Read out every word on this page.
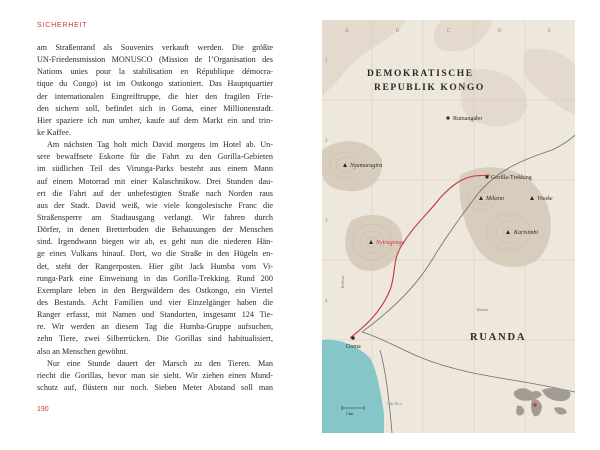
SICHERHEIT
am Straßenrand als Souvenirs verkauft werden. Die größte
UN-Friedensmission MONUSCO (Mission de l’Organisation des
Nations unies pour la stabilisation en République démocra-
tique du Congo) ist im Ostkongo stationiert. Das Hauptquartier
der internationalen Eingreiftruppe, die hier den fragilen Frie-
den sichern soll, befindet sich in Goma, einer Millionenstadt.
Hier spaziere ich nun umher, kaufe auf dem Markt ein und trin-
ke Kaffee.
Am nächsten Tag holt mich David morgens im Hotel ab. Un-
sere bewaffnete Eskorte für die Fahrt zu den Gorilla-Gebieten
im südlichen Teil des Virunga-Parks besteht aus einem Mann
auf einem Motorrad mit einer Kalaschnikow. Drei Stunden dau-
ert die Fahrt auf der unbefestigten Straße nach Norden raus
aus der Stadt. David weiß, wie viele kongolesische Franc die
Straßensperre am Stadtausgang verlangt. Wir fahren durch
Dörfer, in denen Bretterbuden die Behausungen der Menschen
sind. Irgendwann biegen wir ab, es geht nun die niederen Hän-
ge eines Vulkans hinauf. Dort, wo die Straße in den Hügeln en-
det, steht der Rangerposten. Hier gibt Jack Humba vom Vi-
runga-Park eine Einweisung in das Gorilla-Trekking. Rund 200
Exemplare leben in den Bergwäldern des Ostkongo, ein Viertel
des Bestands. Acht Familien und vier Einzelgänger haben die
Ranger erfasst, mit Namen und Standorten, insgesamt 124 Tie-
re. Wir werden an diesem Tag die Humba-Gruppe aufsuchen,
zehn Tiere, zwei Silberrücken. Die Gorillas sind habitualisiert,
also an Menschen gewöhnt.
Nur eine Stunde dauert der Marsch zu den Tieren. Man
riecht die Gorillas, bevor man sie sieht. Wir ziehen einen Mund-
schutz auf, flüstern nur noch. Sieben Meter Abstand soll man
190
A	B	C	D	E
1
2
3
4
DEMOKRATISCHE
REPUBLIK KONGO
RUANDA
Rumangabo
Gorilla-Trekking
Nyamuragira
Nyiragongo
Mikeno	Visoke
Karisimbi
Goma
Lake Kivu
Bellevue
Rubavu
5 km
